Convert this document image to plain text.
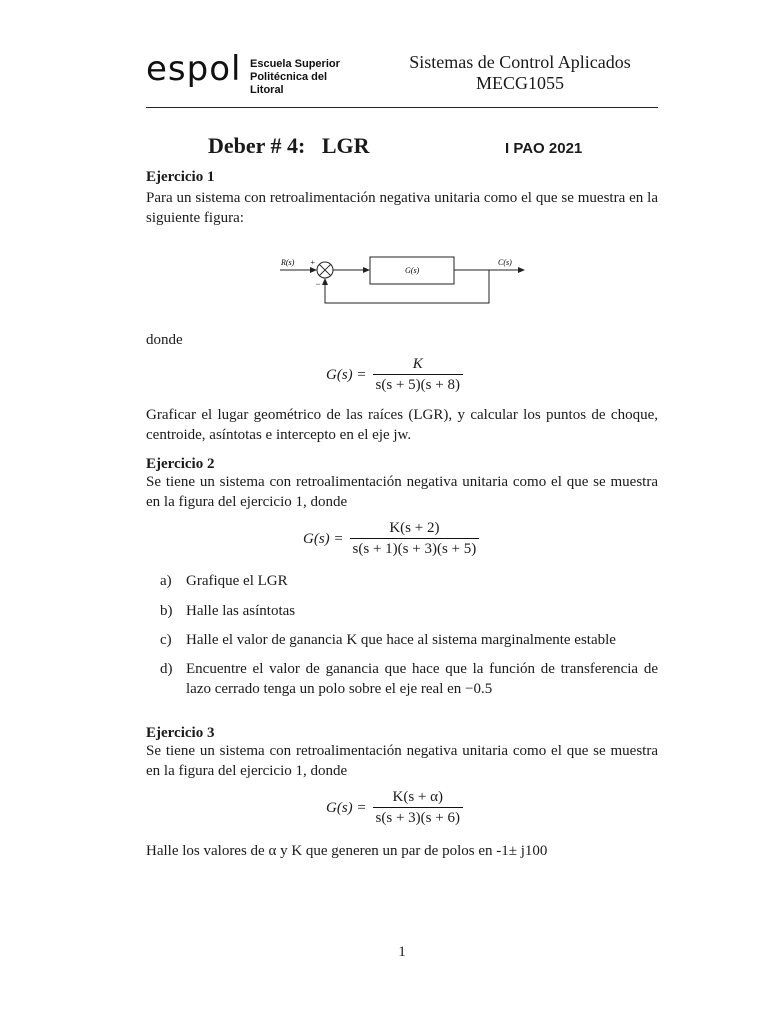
espol Escuela Superior
Politécnica del Litoral
Sistemas de Control Aplicados
MECG1055
Deber # 4:   LGR	I PAO 2021
Ejercicio 1
Para un sistema con retroalimentación negativa unitaria como el que se muestra en la siguiente figura:
R(s) +
−
G(s)
C(s)
donde
$G(s) = \frac{K}{s(s + 5)(s + 8)}$
Graficar el lugar geométrico de las raíces (LGR), y calcular los puntos de choque, centroide, asíntotas e intercepto en el eje jw.
Ejercicio 2
Se tiene un sistema con retroalimentación negativa unitaria como el que se muestra en la figura del ejercicio 1, donde
$G(s) = \frac{K(s + 2)}{s(s + 1)(s + 3)(s + 5)}$
a) Grafique el LGR
b) Halle las asíntotas
c) Halle el valor de ganancia K que hace al sistema marginalmente estable
d) Encuentre el valor de ganancia que hace que la función de transferencia de lazo cerrado tenga un polo sobre el eje real en −0.5
Ejercicio 3
Se tiene un sistema con retroalimentación negativa unitaria como el que se muestra en la figura del ejercicio 1, donde
$G(s) = \frac{K(s + \alpha)}{s(s + 3)(s + 6)}$
Halle los valores de α y K que generen un par de polos en -1± j100
1
